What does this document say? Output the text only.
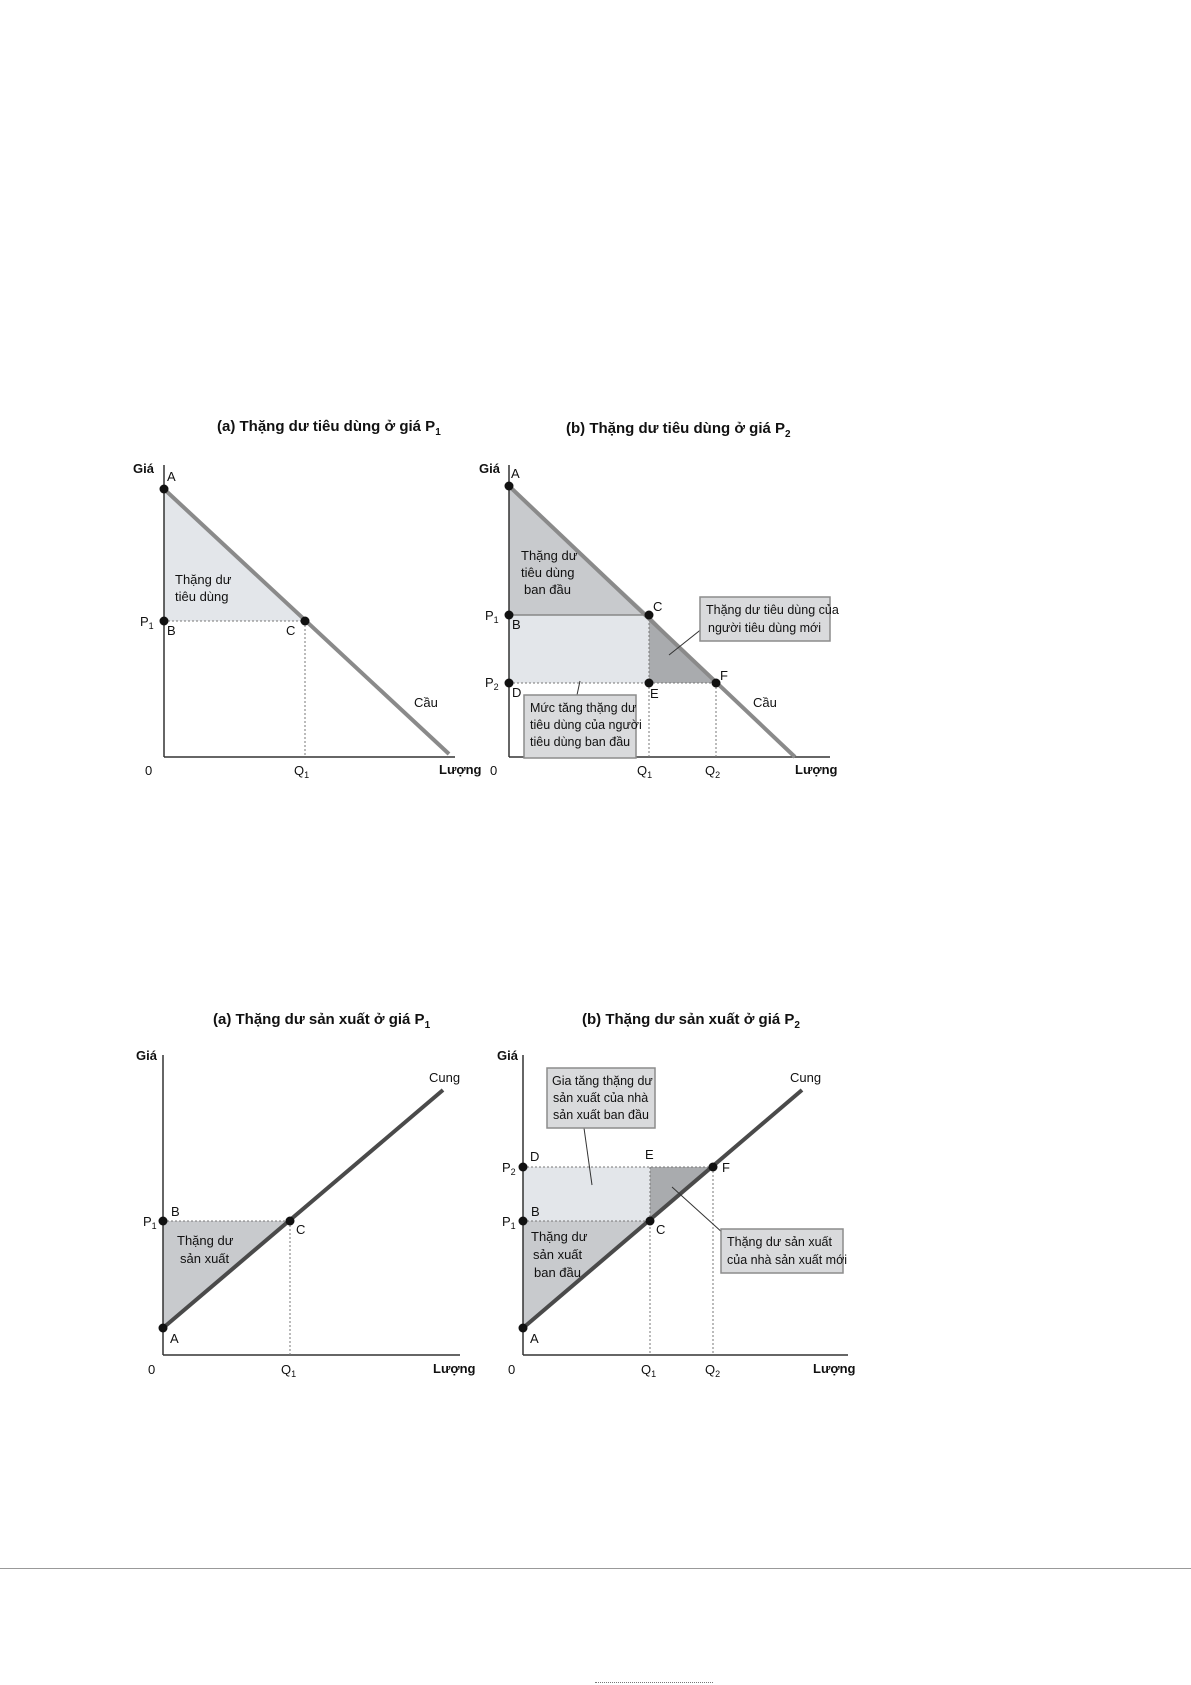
(a) Thặng dư tiêu dùng ở giá $P_1$
Giá
Lượng
0
$P_1$
$Q_1$
A
B	C
Thặng dư
tiêu dùng
Cầu
(b) Thặng dư tiêu dùng ở giá $P_2$
Giá
Lượng
0
$P_1$
$P_2$
$Q_1$	$Q_2$
A
B
C
D	E
F
Thặng dư
tiêu dùng
ban đầu
Cầu
Thặng dư tiêu dùng của
người tiêu dùng mới
Mức tăng thặng dư
tiêu dùng của người
tiêu dùng ban đầu
(a) Thặng dư sản xuất ở giá $P_1$
Giá
Lượng
0
$P_1$
$Q_1$
A
B
C
Thặng dư
sản xuất
Cung
(b) Thặng dư sản xuất ở giá $P_2$
Giá
Lượng
0
$P_2$
$P_1$
$Q_1$	$Q_2$
A
B
C
D	E
F
Thặng dư
sản xuất
ban đầu
Cung
Gia tăng thặng dư
sản xuất của nhà
sản xuất ban đầu
Thặng dư sản xuất
của nhà sản xuất mới
